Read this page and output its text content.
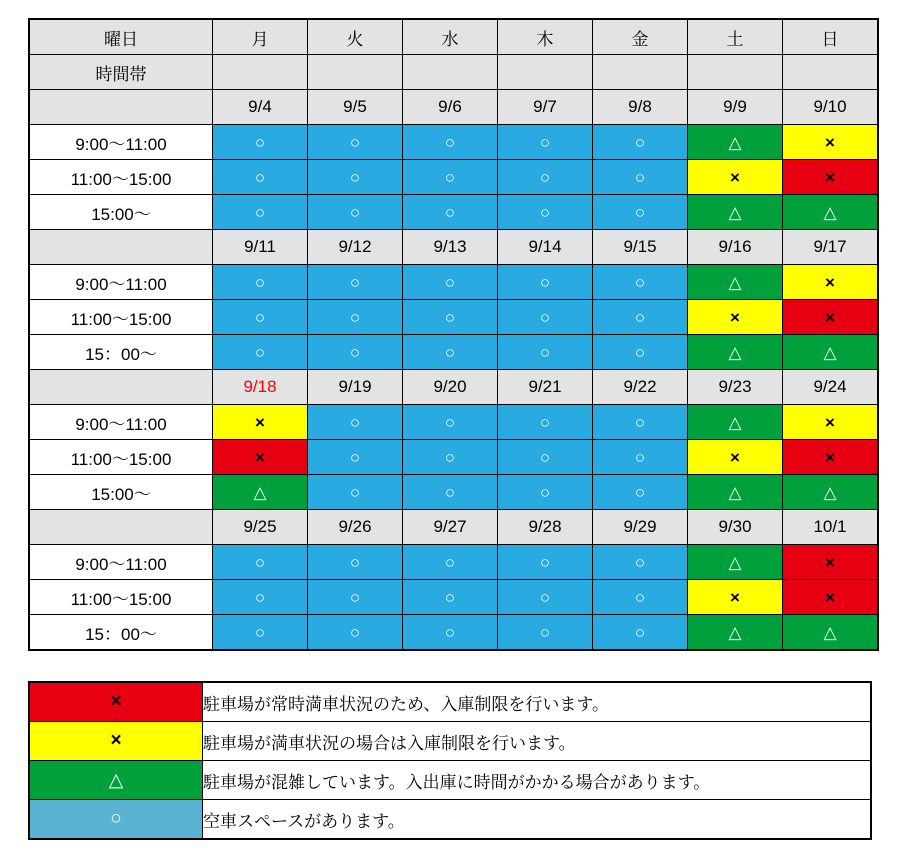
曜日	月	火	水	木	金	土	日
時間帯							
	9/4	9/5	9/6	9/7	9/8	9/9	9/10
9:00〜11:00	○	○	○	○	○	△	×
11:00〜15:00	○	○	○	○	○	×	×
15:00〜	○	○	○	○	○	△	△
	9/11	9/12	9/13	9/14	9/15	9/16	9/17
9:00〜11:00	○	○	○	○	○	△	×
11:00〜15:00	○	○	○	○	○	×	×
15：00〜	○	○	○	○	○	△	△
	9/18	9/19	9/20	9/21	9/22	9/23	9/24
9:00〜11:00	×	○	○	○	○	△	×
11:00〜15:00	×	○	○	○	○	×	×
15:00〜	△	○	○	○	○	△	△
	9/25	9/26	9/27	9/28	9/29	9/30	10/1
9:00〜11:00	○	○	○	○	○	△	×
11:00〜15:00	○	○	○	○	○	×	×
15：00〜	○	○	○	○	○	△	△
×	駐車場が常時満車状況のため、入庫制限を行います。
×	駐車場が満車状況の場合は入庫制限を行います。
△	駐車場が混雑しています。入出庫に時間がかかる場合があります。
○	空車スペースがあります。
